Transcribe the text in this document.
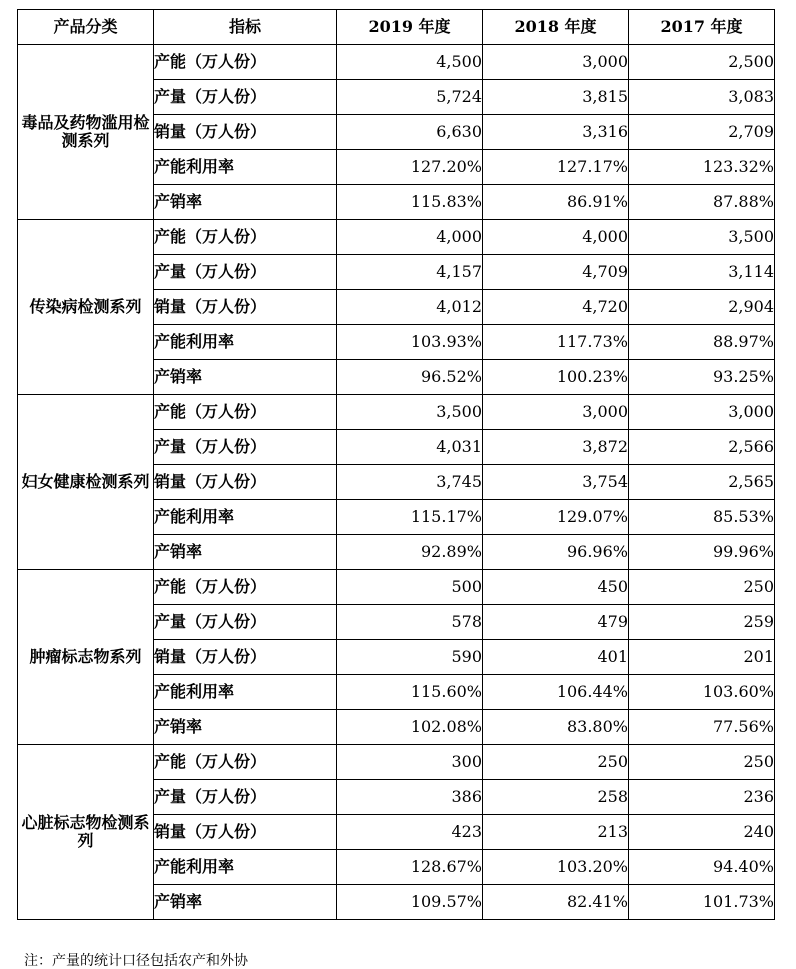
产品分类	指标	2019 年度	2018 年度	2017 年度
毒品及药物滥用检测系列	产能（万人份）	4,500	3,000	2,500
	产量（万人份）	5,724	3,815	3,083
	销量（万人份）	6,630	3,316	2,709
	产能利用率	127.20%	127.17%	123.32%
	产销率	115.83%	86.91%	87.88%
传染病检测系列	产能（万人份）	4,000	4,000	3,500
	产量（万人份）	4,157	4,709	3,114
	销量（万人份）	4,012	4,720	2,904
	产能利用率	103.93%	117.73%	88.97%
	产销率	96.52%	100.23%	93.25%
妇女健康检测系列	产能（万人份）	3,500	3,000	3,000
	产量（万人份）	4,031	3,872	2,566
	销量（万人份）	3,745	3,754	2,565
	产能利用率	115.17%	129.07%	85.53%
	产销率	92.89%	96.96%	99.96%
肿瘤标志物系列	产能（万人份）	500	450	250
	产量（万人份）	578	479	259
	销量（万人份）	590	401	201
	产能利用率	115.60%	106.44%	103.60%
	产销率	102.08%	83.80%	77.56%
心脏标志物检测系列	产能（万人份）	300	250	250
	产量（万人份）	386	258	236
	销量（万人份）	423	213	240
	产能利用率	128.67%	103.20%	94.40%
	产销率	109.57%	82.41%	101.73%
注：产量的统计口径包括农产和外协
